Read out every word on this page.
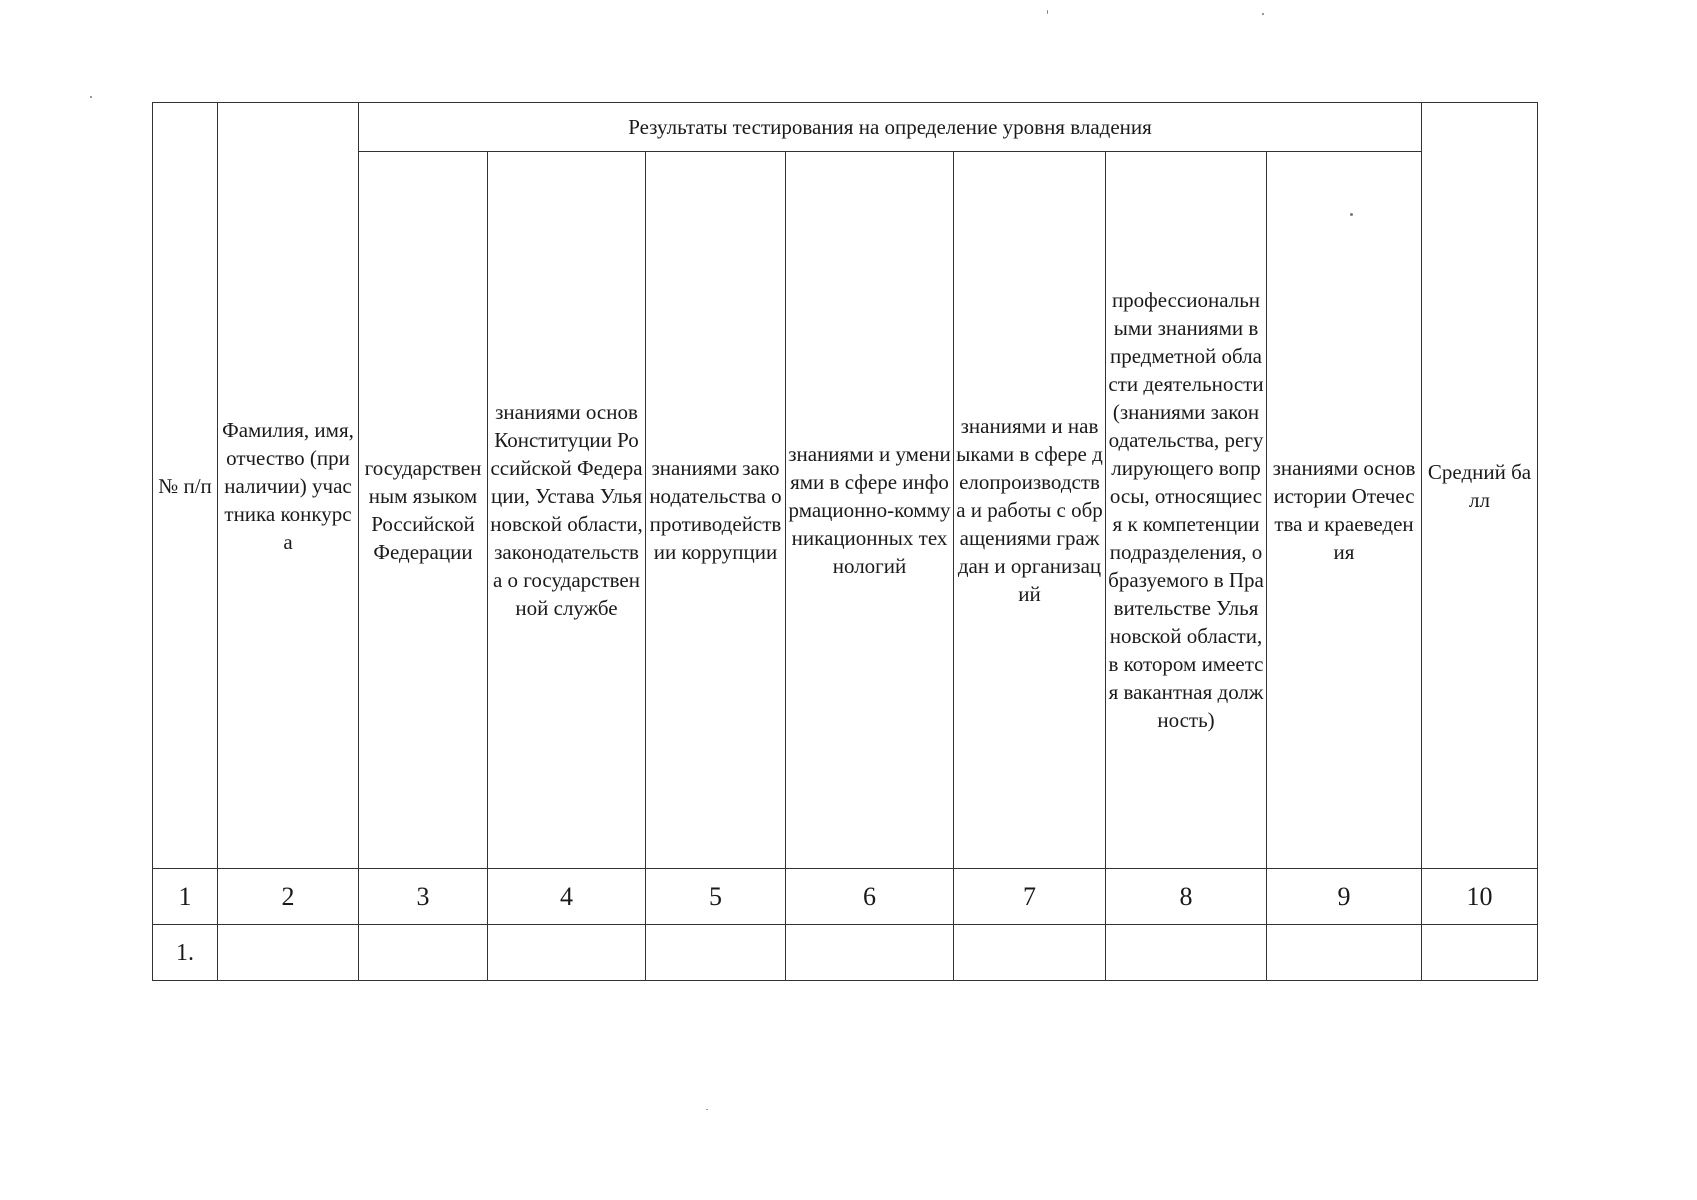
№ п/п	Фамилия, имя, отчество (при наличии) участника конкурса	Результаты тестирования на определение уровня владения							Средний балл
		государственным языком Российской Федерации	знаниями основ Конституции Российской Федерации, Устава Ульяновской области, законодательства о государственной службе	знаниями законодательства о противодействии коррупции	знаниями и умениями в сфере информационно-коммуникационных технологий	знаниями и навыками в сфере делопроизводства и работы с обращениями граждан и организаций	профессиональными знаниями в предметной области деятельности (знаниями законодательства, регулирующего вопросы, относящиеся к компетенции подразделения, образуемого в Правительстве Ульяновской области, в котором имеется вакантная должность)	знаниями основ истории Отечества и краеведения	
1	2	3	4	5	6	7	8	9	10
1.									
